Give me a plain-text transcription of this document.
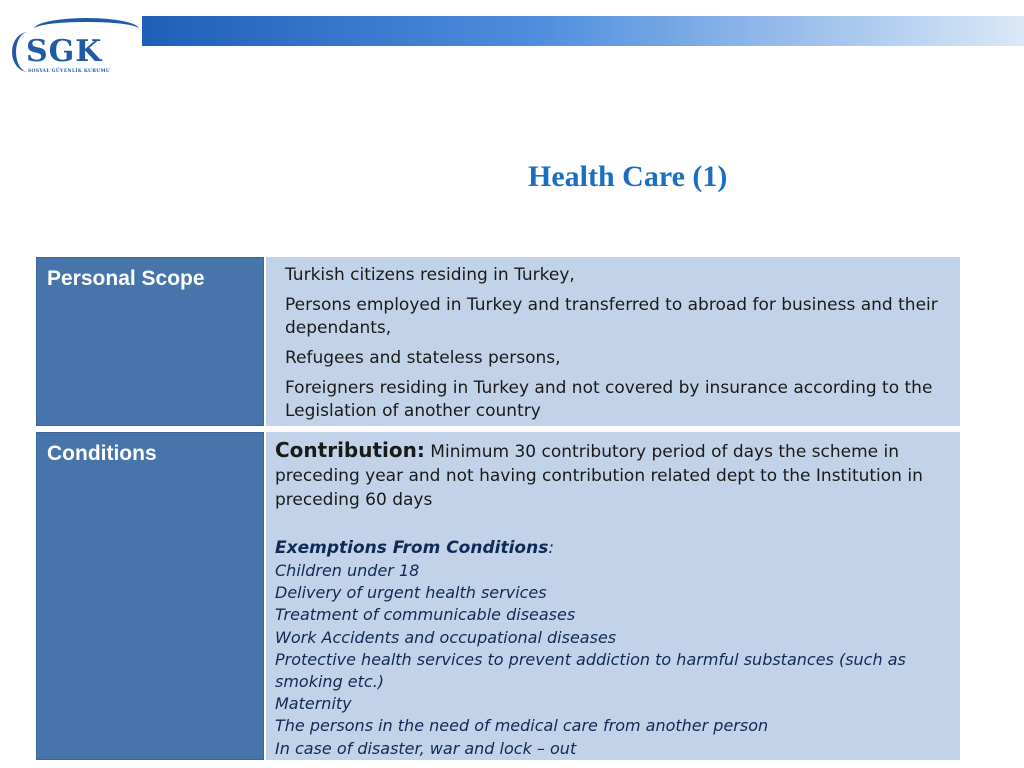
SGK
SOSYAL GÜVENLİK KURUMU
Health Care (1)
Personal Scope	Turkish citizens residing in Turkey,
Persons employed in Turkey and transferred to abroad for business and their dependants,
Refugees and stateless persons,
Foreigners residing in Turkey and not covered by insurance according to the Legislation of another country
Conditions	Contribution: Minimum 30 contributory period of days the scheme in preceding year and not having contribution related dept to the Institution in preceding 60 days
Exemptions From Conditions:
Children under 18
Delivery of urgent health services
Treatment of communicable diseases
Work Accidents and occupational diseases
Protective health services to prevent addiction to harmful substances (such as smoking etc.)
Maternity
The persons in the need of medical care from another person
In case of disaster, war and lock – out
